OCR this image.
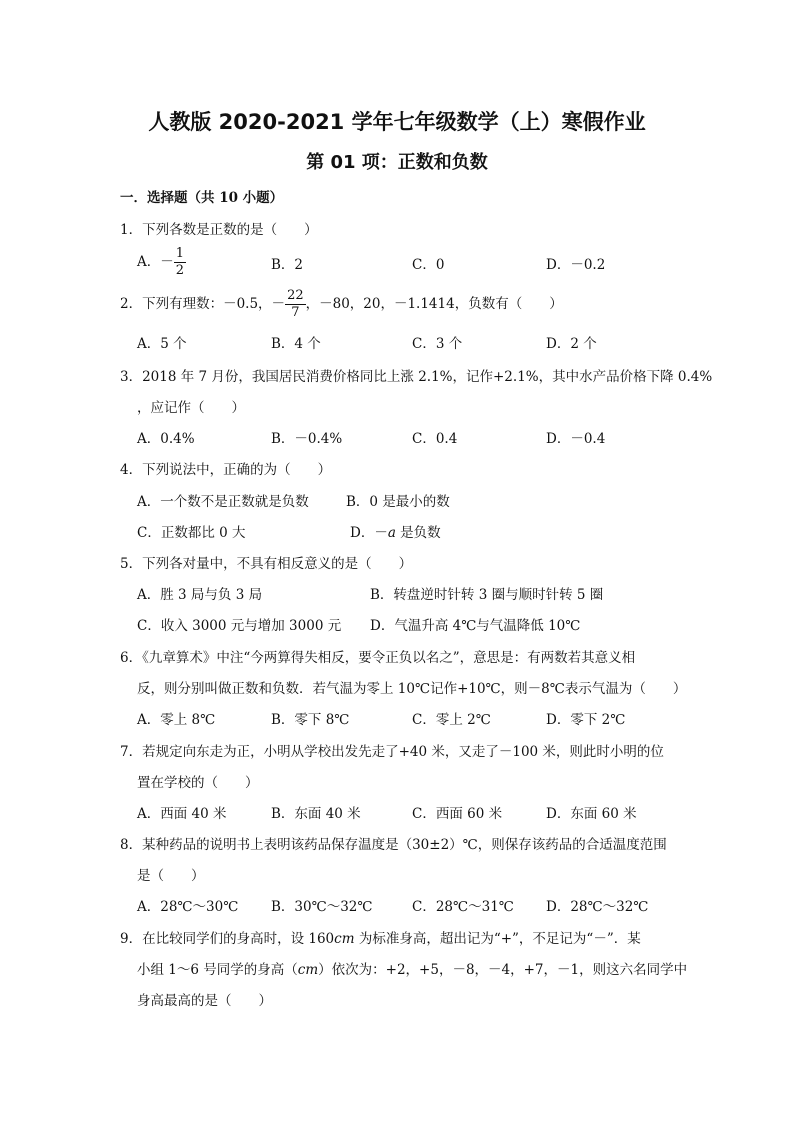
人教版 2020-2021 学年七年级数学（上）寒假作业
第 01 项：正数和负数
一．选择题（共 10 小题）
1．下列各数是正数的是（　　）
A．－ $\frac{1}{2}$	B．2	C．0	D．－0.2
2．下列有理数：－0.5，－ $\frac{22}{7}$ ，－80，20，－1.1414，负数有（　　）
A．5 个	B．4 个	C．3 个	D．2 个
3．2018 年 7 月份，我国居民消费价格同比上涨 2.1%，记作+2.1%，其中水产品价格下降 0.4%
，应记作（　　）
A．0.4%	B．－0.4%	C．0.4	D．－0.4
4．下列说法中，正确的为（　　）
A．一个数不是正数就是负数	B．0 是最小的数
C．正数都比 0 大	D．－a 是负数
5．下列各对量中，不具有相反意义的是（　　）
A．胜 3 局与负 3 局	B．转盘逆时针转 3 圈与顺时针转 5 圈
C．收入 3000 元与增加 3000 元 D．气温升高 4℃与气温降低 10℃
6．《九章算术》中注“今两算得失相反，要令正负以名之”，意思是：有两数若其意义相
反，则分别叫做正数和负数．若气温为零上 10℃记作+10℃，则－8℃表示气温为（　　）
A．零上 8℃	B．零下 8℃	C．零上 2℃	D．零下 2℃
7．若规定向东走为正，小明从学校出发先走了+40 米，又走了－100 米，则此时小明的位
置在学校的（　　）
A．西面 40 米	B．东面 40 米	C．西面 60 米	D．东面 60 米
8．某种药品的说明书上表明该药品保存温度是（30±2）℃，则保存该药品的合适温度范围
是（　　）
A．28℃～30℃ B．30℃～32℃	C．28℃～31℃ D．28℃～32℃
9．在比较同学们的身高时，设 160cm 为标准身高，超出记为“+”，不足记为“－”．某
小组 1～6 号同学的身高（cm）依次为：+2，+5，－8，－4，+7，－1，则这六名同学中
身高最高的是（　　）
